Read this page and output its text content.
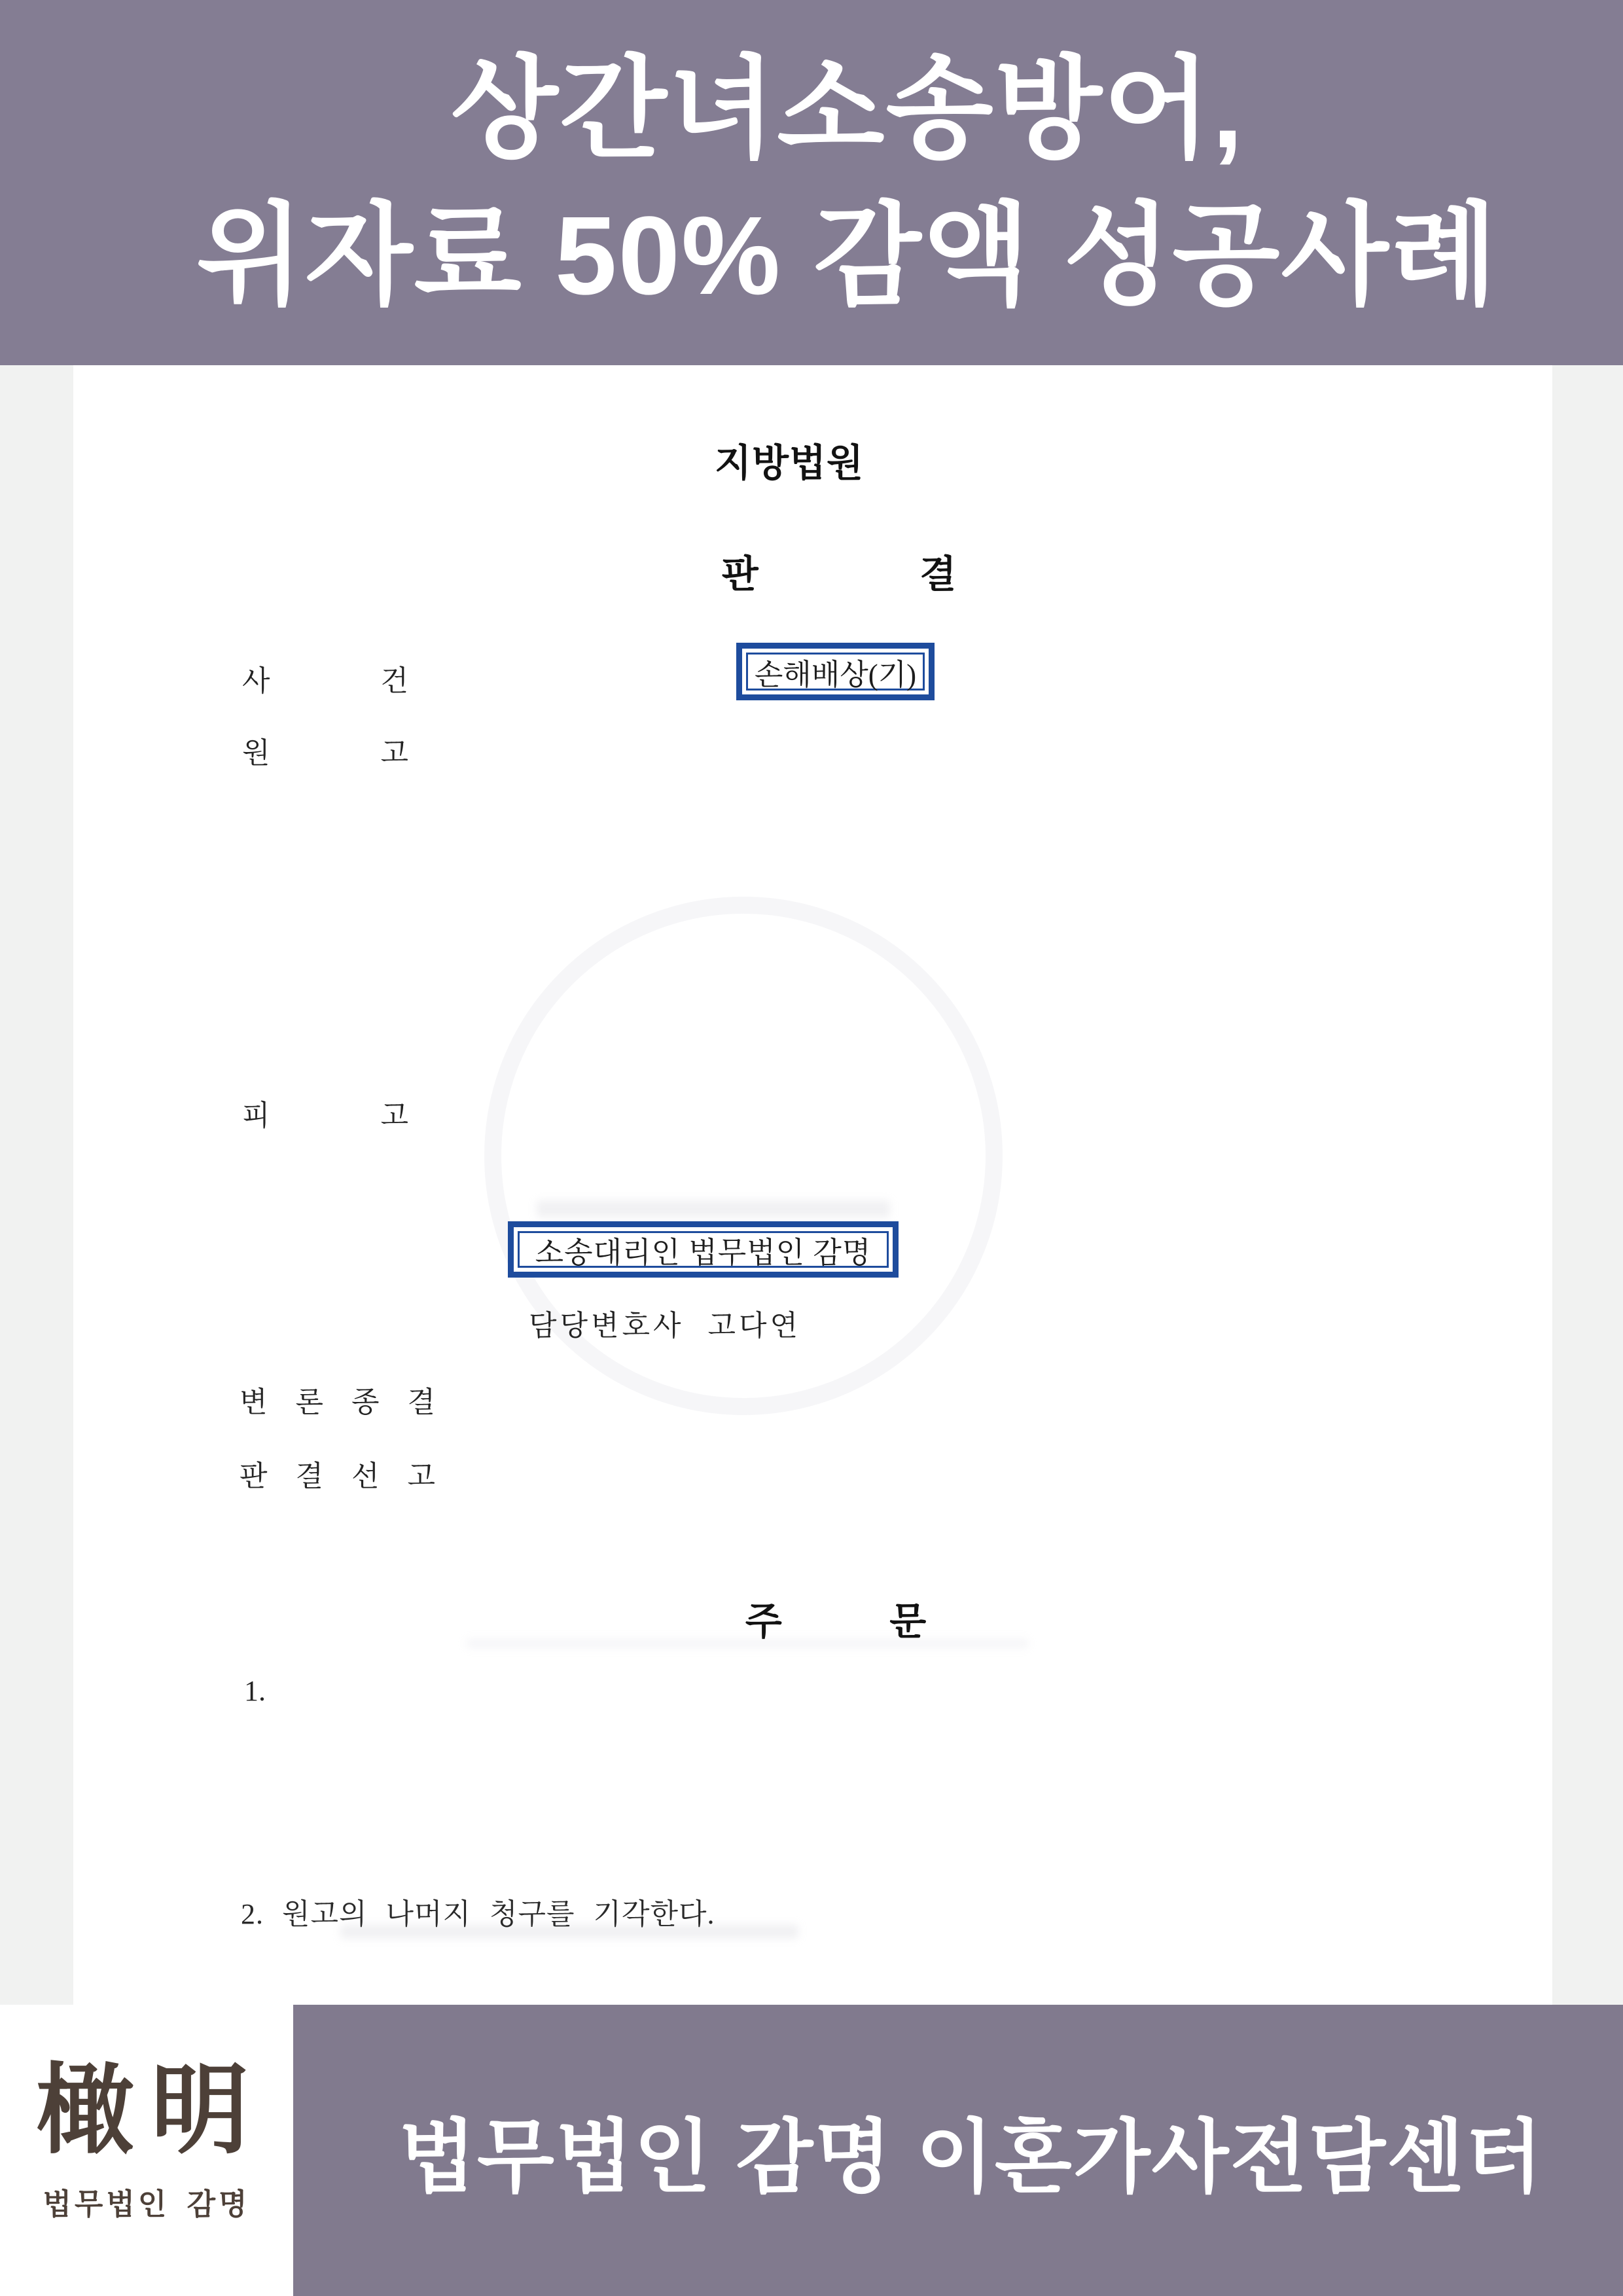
상간녀소송방어,
위자료 50% 감액 성공사례
지방법원
판 결
사 건	손해배상(기)
원 고
피 고
소송대리인 법무법인 감명
담당변호사 고다연
변 론 종 결
판 결 선 고
주 문
1.
2. 원고의 나머지 청구를 기각한다.
橄明
법무법인 감명
법무법인 감명 이혼가사전담센터
